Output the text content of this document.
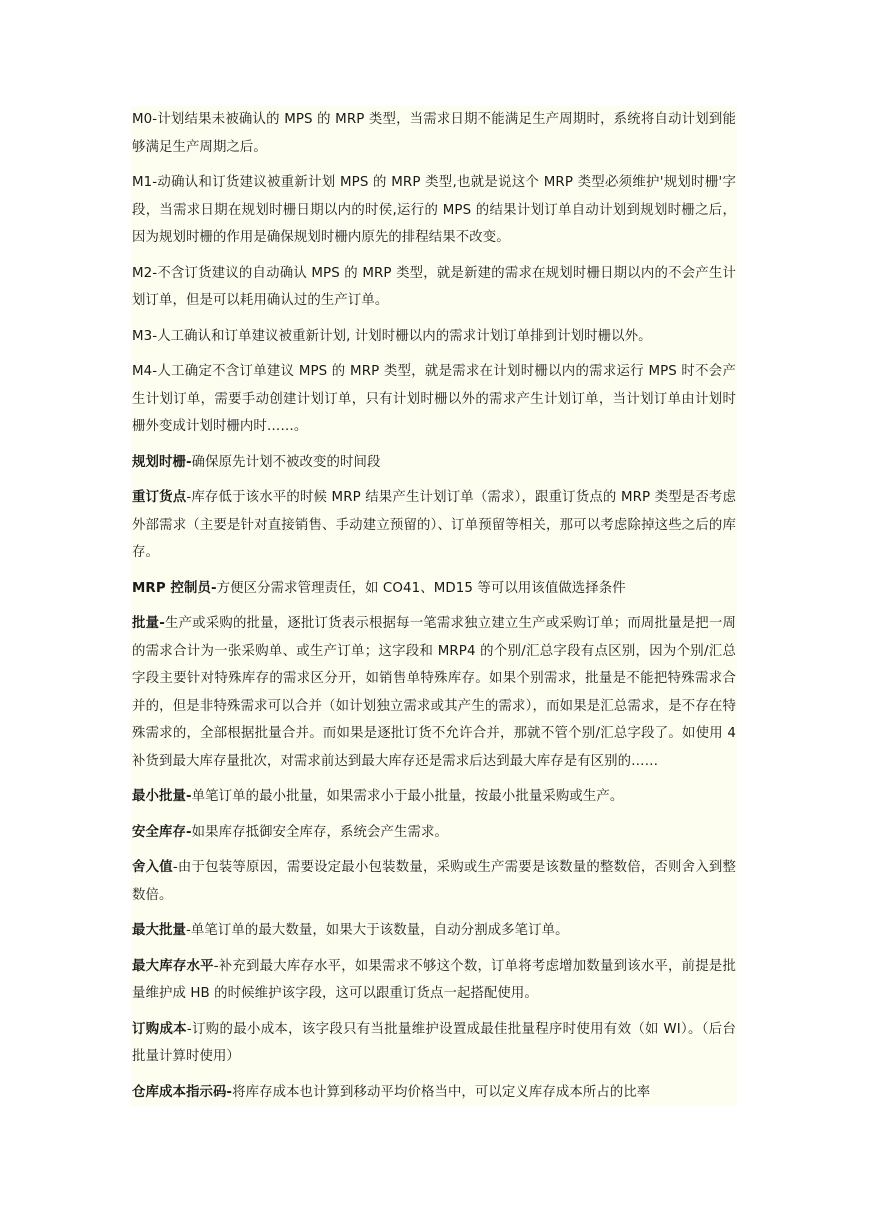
M0-计划结果未被确认的 MPS 的 MRP 类型，当需求日期不能满足生产周期时，系统将自动计划到能够满足生产周期之后。

M1-动确认和订货建议被重新计划 MPS 的 MRP 类型,也就是说这个 MRP 类型必须维护'规划时栅'字段，当需求日期在规划时栅日期以内的时侯,运行的 MPS 的结果计划订单自动计划到规划时栅之后，因为规划时栅的作用是确保规划时栅内原先的排程结果不改变。

M2-不含订货建议的自动确认 MPS 的 MRP 类型，就是新建的需求在规划时栅日期以内的不会产生计划订单，但是可以耗用确认过的生产订单。

M3-人工确认和订单建议被重新计划, 计划时栅以内的需求计划订单排到计划时栅以外。

M4-人工确定不含订单建议 MPS 的 MRP 类型，就是需求在计划时栅以内的需求运行 MPS 时不会产生计划订单，需要手动创建计划订单，只有计划时栅以外的需求产生计划订单，当计划订单由计划时栅外变成计划时栅内时……。

规划时栅-确保原先计划不被改变的时间段

重订货点-库存低于该水平的时候 MRP 结果产生计划订单（需求），跟重订货点的 MRP 类型是否考虑外部需求（主要是针对直接销售、手动建立预留的）、订单预留等相关，那可以考虑除掉这些之后的库存。

MRP 控制员-方便区分需求管理责任，如 CO41、MD15 等可以用该值做选择条件

批量-生产或采购的批量，逐批订货表示根据每一笔需求独立建立生产或采购订单；而周批量是把一周的需求合计为一张采购单、或生产订单；这字段和 MRP4 的个别/汇总字段有点区别，因为个别/汇总字段主要针对特殊库存的需求区分开，如销售单特殊库存。如果个别需求，批量是不能把特殊需求合并的，但是非特殊需求可以合并（如计划独立需求或其产生的需求），而如果是汇总需求，是不存在特殊需求的，全部根据批量合并。而如果是逐批订货不允许合并，那就不管个别/汇总字段了。如使用 4 补货到最大库存量批次，对需求前达到最大库存还是需求后达到最大库存是有区别的……

最小批量-单笔订单的最小批量，如果需求小于最小批量，按最小批量采购或生产。

安全库存-如果库存抵御安全库存，系统会产生需求。

舍入值-由于包装等原因，需要设定最小包装数量，采购或生产需要是该数量的整数倍，否则舍入到整数倍。

最大批量-单笔订单的最大数量，如果大于该数量，自动分割成多笔订单。

最大库存水平-补充到最大库存水平，如果需求不够这个数，订单将考虑增加数量到该水平，前提是批量维护成 HB 的时候维护该字段，这可以跟重订货点一起搭配使用。

订购成本-订购的最小成本，该字段只有当批量维护设置成最佳批量程序时使用有效（如 WI）。（后台批量计算时使用）

仓库成本指示码-将库存成本也计算到移动平均价格当中，可以定义库存成本所占的比率
